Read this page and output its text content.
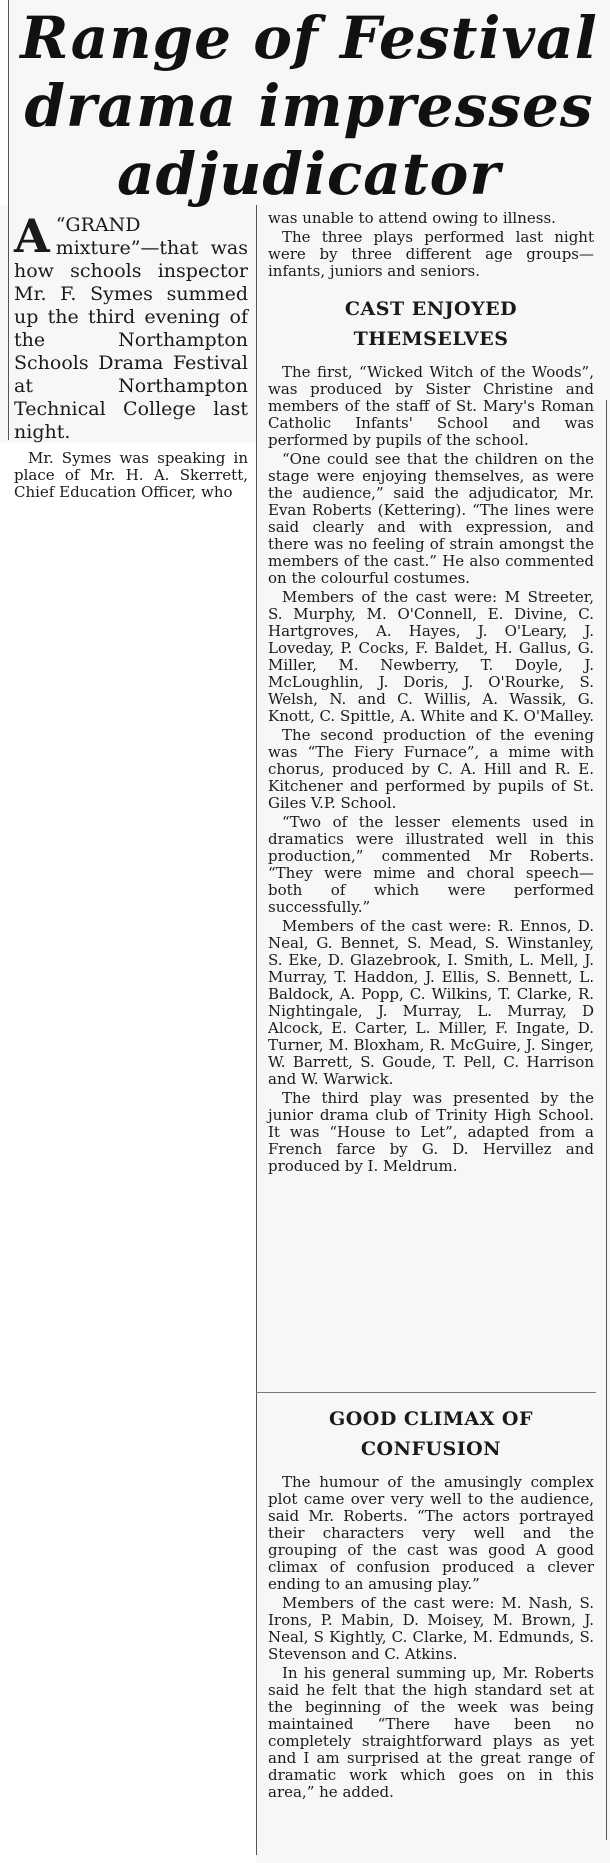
Range of Festival
drama impresses
adjudicator
A “GRAND mixture”—that was how schools inspector Mr. F. Symes summed up the third evening of the Northampton Schools Drama Festival at Northampton Technical College last night.

Mr. Symes was speaking in place of Mr. H. A. Skerrett, Chief Education Officer, who

was unable to attend owing to illness.

The three plays performed last night were by three different age groups—infants, juniors and seniors.

CAST ENJOYED THEMSELVES

The first, “Wicked Witch of the Woods”, was produced by Sister Christine and members of the staff of St. Mary's Roman Catholic Infants' School and was performed by pupils of the school.

“One could see that the children on the stage were enjoying themselves, as were the audience,” said the adjudicator, Mr. Evan Roberts (Kettering). “The lines were said clearly and with expression, and there was no feeling of strain amongst the members of the cast.” He also commented on the colourful costumes.

Members of the cast were: M Streeter, S. Murphy, M. O'Connell, E. Divine, C. Hartgroves, A. Hayes, J. O'Leary, J. Loveday, P. Cocks, F. Baldet, H. Gallus, G. Miller, M. Newberry, T. Doyle, J. McLoughlin, J. Doris, J. O'Rourke, S. Welsh, N. and C. Willis, A. Wassik, G. Knott, C. Spittle, A. White and K. O'Malley.

The second production of the evening was “The Fiery Furnace”, a mime with chorus, produced by C. A. Hill and R. E. Kitchener and performed by pupils of St. Giles V.P. School.

“Two of the lesser elements used in dramatics were illustrated well in this production,” commented Mr Roberts. “They were mime and choral speech—both of which were performed successfully.”

Members of the cast were: R. Ennos, D. Neal, G. Bennet, S. Mead, S. Winstanley, S. Eke, D. Glazebrook, I. Smith, L. Mell, J. Murray, T. Haddon, J. Ellis, S. Bennett, L. Baldock, A. Popp, C. Wilkins, T. Clarke, R. Nightingale, J. Murray, L. Murray, D Alcock, E. Carter, L. Miller, F. Ingate, D. Turner, M. Bloxham, R. McGuire, J. Singer, W. Barrett, S. Goude, T. Pell, C. Harrison and W. Warwick.

The third play was presented by the junior drama club of Trinity High School. It was “House to Let”, adapted from a French farce by G. D. Hervillez and produced by I. Meldrum.

GOOD CLIMAX OF CONFUSION

The humour of the amusingly complex plot came over very well to the audience, said Mr. Roberts. “The actors portrayed their characters very well and the grouping of the cast was good A good climax of confusion produced a clever ending to an amusing play.”

Members of the cast were: M. Nash, S. Irons, P. Mabin, D. Moisey, M. Brown, J. Neal, S Kightly, C. Clarke, M. Edmunds, S. Stevenson and C. Atkins.

In his general summing up, Mr. Roberts said he felt that the high standard set at the beginning of the week was being maintained “There have been no completely straightforward plays as yet and I am surprised at the great range of dramatic work which goes on in this area,” he added.
